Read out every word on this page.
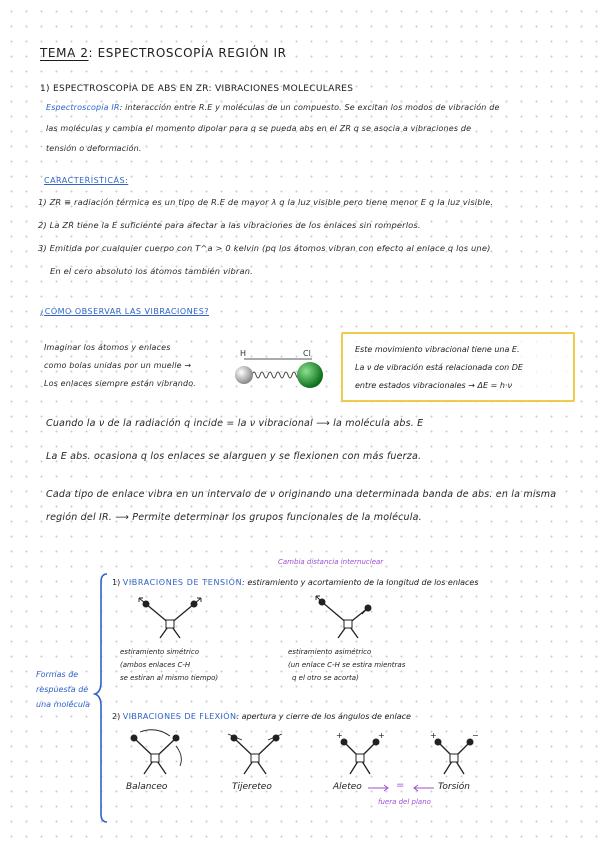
TEMA 2: ESPECTROSCOPÍA REGIÓN IR
1) ESPECTROSCOPÍA DE ABS EN ZR: VIBRACIONES MOLECULARES
Espectroscopía IR: interacción entre R.E y moléculas de un compuesto. Se excitan los modos de vibración de
las moléculas y cambia el momento dipolar para q se pueda abs en el ZR q se asocia a vibraciones de
tensión o deformación.
CARACTERÍSTICAS:
1) ZR ≡ radiación térmica es un tipo de R.E de mayor λ q la luz visible pero tiene menor E q la luz visible.
2) La ZR tiene la E suficiente para afectar a las vibraciones de los enlaces sin romperlos.
3) Emitida por cualquier cuerpo con T^a > 0 kelvin (pq los átomos vibran con efecto al enlace q los une)
En el cero absoluto los átomos también vibran.
¿CÓMO OBSERVAR LAS VIBRACIONES?
Imaginar los átomos y enlaces
como bolas unidas por un muelle →
Los enlaces siempre están vibrando.
H	Cl	Este movimiento vibracional tiene una E.
La ν de vibración está relacionada con DE
entre estados vibracionales → ΔE = h·ν
Cuando la ν de la radiación q incide = la ν vibracional ⟶ la molécula abs. E
La E abs. ocasiona q los enlaces se alarguen y se flexionen con más fuerza.
Cada tipo de enlace vibra en un intervalo de ν originando una determinada banda de abs. en la misma
región del IR. ⟶ Permite determinar los grupos funcionales de la molécula.
Cambia distancia internuclear
Formas de
respuesta de
una molécula
1) VIBRACIONES DE TENSIÓN: estiramiento y acortamiento de la longitud de los enlaces
estiramiento simétrico
(ambos enlaces C-H
se estiran al mismo tiempo)
estiramiento asimétrico
(un enlace C-H se estira mientras
q el otro se acorta)
2) VIBRACIONES DE FLEXIÓN: apertura y cierre de los ángulos de enlace
+	+	+	−
Balanceo	Tijereteo	Aleteo	=	Torsión
fuera del plano
